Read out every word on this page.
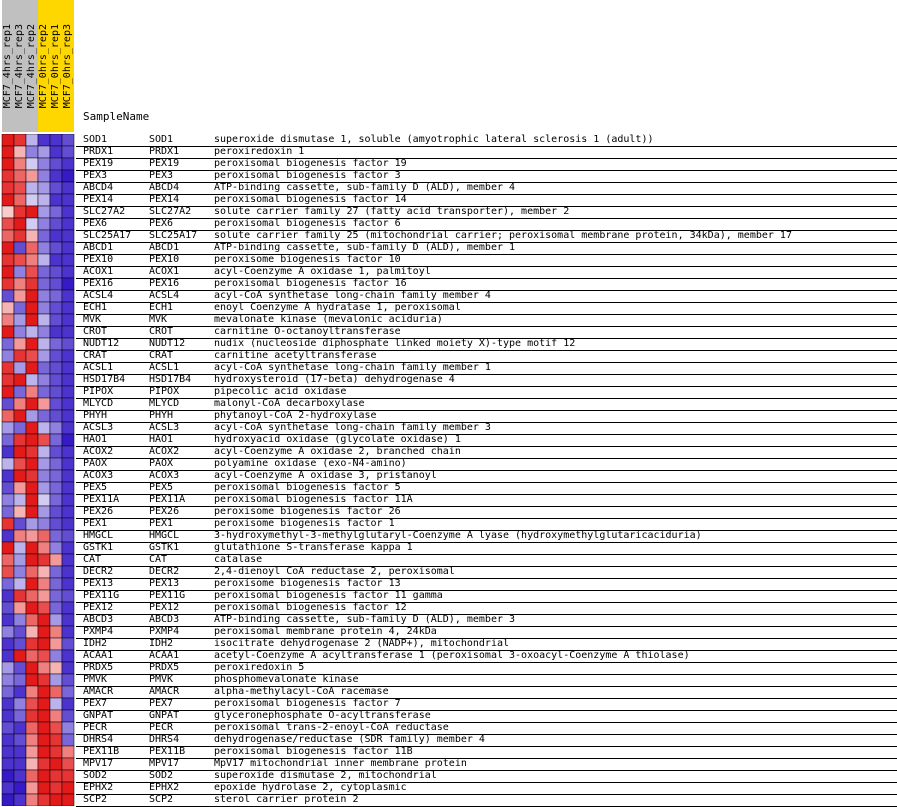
MCF7_4hrs_rep1 MCF7_4hrs_rep3 MCF7_4hrs_rep2 MCF7_0hrs_rep2 MCF7_0hrs_rep1 MCF7_0hrs_rep3
SampleName
SOD1	SOD1	superoxide dismutase 1, soluble (amyotrophic lateral sclerosis 1 (adult))
PRDX1	PRDX1	peroxiredoxin 1
PEX19	PEX19	peroxisomal biogenesis factor 19
PEX3	PEX3	peroxisomal biogenesis factor 3
ABCD4	ABCD4	ATP-binding cassette, sub-family D (ALD), member 4
PEX14	PEX14	peroxisomal biogenesis factor 14
SLC27A2 SLC27A2 solute carrier family 27 (fatty acid transporter), member 2
PEX6	PEX6	peroxisomal biogenesis factor 6
SLC25A17 SLC25A17 solute carrier family 25 (mitochondrial carrier; peroxisomal membrane protein, 34kDa), member 17
ABCD1	ABCD1	ATP-binding cassette, sub-family D (ALD), member 1
PEX10	PEX10	peroxisome biogenesis factor 10
ACOX1	ACOX1	acyl-Coenzyme A oxidase 1, palmitoyl
PEX16	PEX16	peroxisomal biogenesis factor 16
ACSL4	ACSL4	acyl-CoA synthetase long-chain family member 4
ECH1	ECH1	enoyl Coenzyme A hydratase 1, peroxisomal
MVK	MVK	mevalonate kinase (mevalonic aciduria)
CROT	CROT	carnitine O-octanoyltransferase
NUDT12	NUDT12	nudix (nucleoside diphosphate linked moiety X)-type motif 12
CRAT	CRAT	carnitine acetyltransferase
ACSL1	ACSL1	acyl-CoA synthetase long-chain family member 1
HSD17B4 HSD17B4 hydroxysteroid (17-beta) dehydrogenase 4
PIPOX	PIPOX	pipecolic acid oxidase
MLYCD	MLYCD	malonyl-CoA decarboxylase
PHYH	PHYH	phytanoyl-CoA 2-hydroxylase
ACSL3	ACSL3	acyl-CoA synthetase long-chain family member 3
HAO1	HAO1	hydroxyacid oxidase (glycolate oxidase) 1
ACOX2	ACOX2	acyl-Coenzyme A oxidase 2, branched chain
PAOX	PAOX	polyamine oxidase (exo-N4-amino)
ACOX3	ACOX3	acyl-Coenzyme A oxidase 3, pristanoyl
PEX5	PEX5	peroxisomal biogenesis factor 5
PEX11A	PEX11A	peroxisomal biogenesis factor 11A
PEX26	PEX26	peroxisome biogenesis factor 26
PEX1	PEX1	peroxisome biogenesis factor 1
HMGCL	HMGCL	3-hydroxymethyl-3-methylglutaryl-Coenzyme A lyase (hydroxymethylglutaricaciduria)
GSTK1	GSTK1	glutathione S-transferase kappa 1
CAT	CAT	catalase
DECR2	DECR2	2,4-dienoyl CoA reductase 2, peroxisomal
PEX13	PEX13	peroxisome biogenesis factor 13
PEX11G	PEX11G	peroxisomal biogenesis factor 11 gamma
PEX12	PEX12	peroxisomal biogenesis factor 12
ABCD3	ABCD3	ATP-binding cassette, sub-family D (ALD), member 3
PXMP4	PXMP4	peroxisomal membrane protein 4, 24kDa
IDH2	IDH2	isocitrate dehydrogenase 2 (NADP+), mitochondrial
ACAA1	ACAA1	acetyl-Coenzyme A acyltransferase 1 (peroxisomal 3-oxoacyl-Coenzyme A thiolase)
PRDX5	PRDX5	peroxiredoxin 5
PMVK	PMVK	phosphomevalonate kinase
AMACR	AMACR	alpha-methylacyl-CoA racemase
PEX7	PEX7	peroxisomal biogenesis factor 7
GNPAT	GNPAT	glyceronephosphate O-acyltransferase
PECR	PECR	peroxisomal trans-2-enoyl-CoA reductase
DHRS4	DHRS4	dehydrogenase/reductase (SDR family) member 4
PEX11B	PEX11B	peroxisomal biogenesis factor 11B
MPV17	MPV17	MpV17 mitochondrial inner membrane protein
SOD2	SOD2	superoxide dismutase 2, mitochondrial
EPHX2	EPHX2	epoxide hydrolase 2, cytoplasmic
SCP2	SCP2	sterol carrier protein 2
